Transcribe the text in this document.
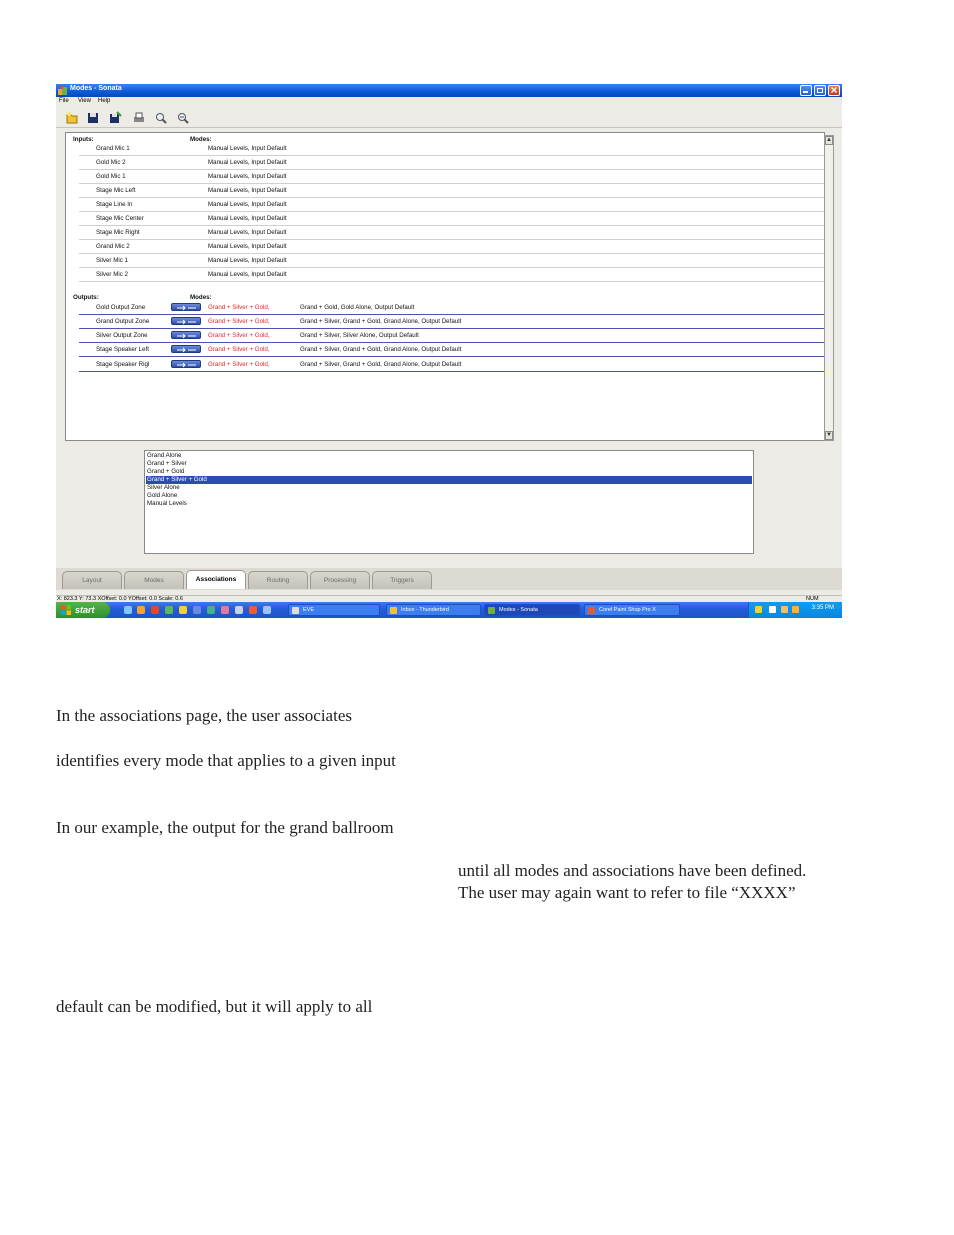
Modes - Sonata
File View Help
Inputs:	Modes:
Grand Mic 1	Manual Levels, Input Default
Gold Mic 2	Manual Levels, Input Default
Gold Mic 1	Manual Levels, Input Default
Stage Mic Left	Manual Levels, Input Default
Stage Line In	Manual Levels, Input Default
Stage Mic Center	Manual Levels, Input Default
Stage Mic Right	Manual Levels, Input Default
Grand Mic 2	Manual Levels, Input Default
Silver Mic 1	Manual Levels, Input Default
Silver Mic 2	Manual Levels, Input Default
Outputs:	Modes:
Gold Output Zone	Grand + Silver + Gold,	Grand + Gold, Gold Alone, Output Default
Grand Output Zone	Grand + Silver + Gold,	Grand + Silver, Grand + Gold, Grand Alone, Output Default
Silver Output Zone	Grand + Silver + Gold,	Grand + Silver, Silver Alone, Output Default
Stage Speaker Left	Grand + Silver + Gold,	Grand + Silver, Grand + Gold, Grand Alone, Output Default
Stage Speaker Rigl	Grand + Silver + Gold,	Grand + Silver, Grand + Gold, Grand Alone, Output Default
▲
▼
Grand Alone
Grand + Silver
Grand + Gold
Grand + Silver + Gold
Silver Alone
Gold Alone
Manual Levels
Layout	Modes	Associations	Routing	Processing	Triggers
X: 823.3 Y: 73.3 XOffset: 0.0 YOffset: 0.0 Scale: 0.6	NUM
start	EVE	Inbox - Thunderbird	Modes - Sonata	Corel Paint Shop Pro X	3:35 PM
In the associations page, the user associates
identifies every mode that applies to a given input
In our example, the output for the grand ballroom
until all modes and associations have been defined.
The user may again want to refer to file “XXXX”
default can be modified, but it will apply to all
